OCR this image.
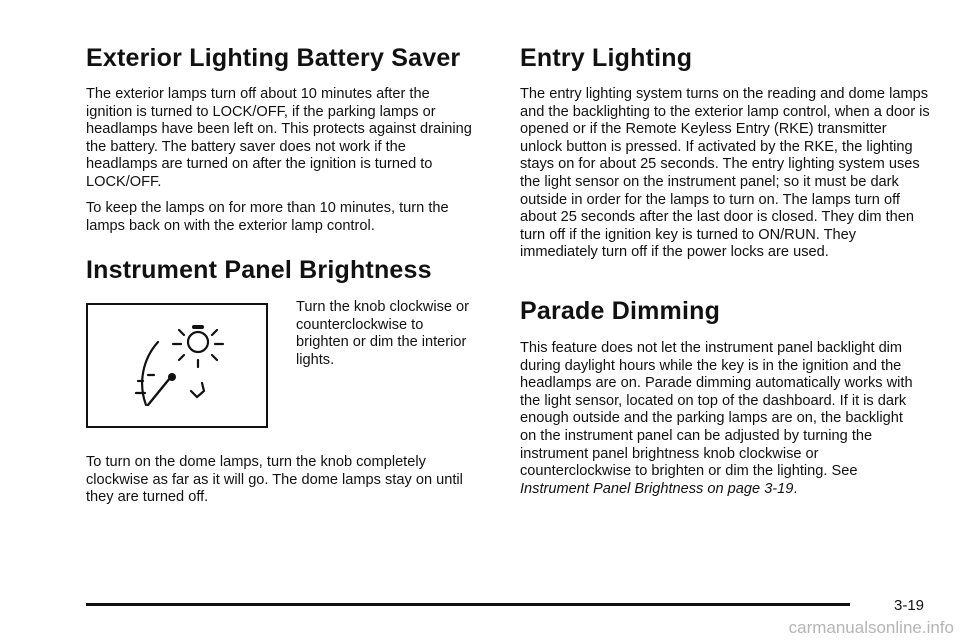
Exterior Lighting Battery Saver

The exterior lamps turn off about 10 minutes after the ignition is turned to LOCK/OFF, if the parking lamps or headlamps have been left on. This protects against draining the battery. The battery saver does not work if the headlamps are turned on after the ignition is turned to LOCK/OFF.

To keep the lamps on for more than 10 minutes, turn the lamps back on with the exterior lamp control.

Instrument Panel Brightness

Turn the knob clockwise or counterclockwise to brighten or dim the interior lights.

To turn on the dome lamps, turn the knob completely clockwise as far as it will go. The dome lamps stay on until they are turned off.

Entry Lighting

The entry lighting system turns on the reading and dome lamps and the backlighting to the exterior lamp control, when a door is opened or if the Remote Keyless Entry (RKE) transmitter unlock button is pressed. If activated by the RKE, the lighting stays on for about 25 seconds. The entry lighting system uses the light sensor on the instrument panel; so it must be dark outside in order for the lamps to turn on. The lamps turn off about 25 seconds after the last door is closed. They dim then turn off if the ignition key is turned to ON/RUN. They immediately turn off if the power locks are used.

Parade Dimming

This feature does not let the instrument panel backlight dim during daylight hours while the key is in the ignition and the headlamps are on. Parade dimming automatically works with the light sensor, located on top of the dashboard. If it is dark enough outside and the parking lamps are on, the backlight on the instrument panel can be adjusted by turning the instrument panel brightness knob clockwise or counterclockwise to brighten or dim the lighting. See Instrument Panel Brightness on page 3-19.

3-19
carmanualsonline.info
